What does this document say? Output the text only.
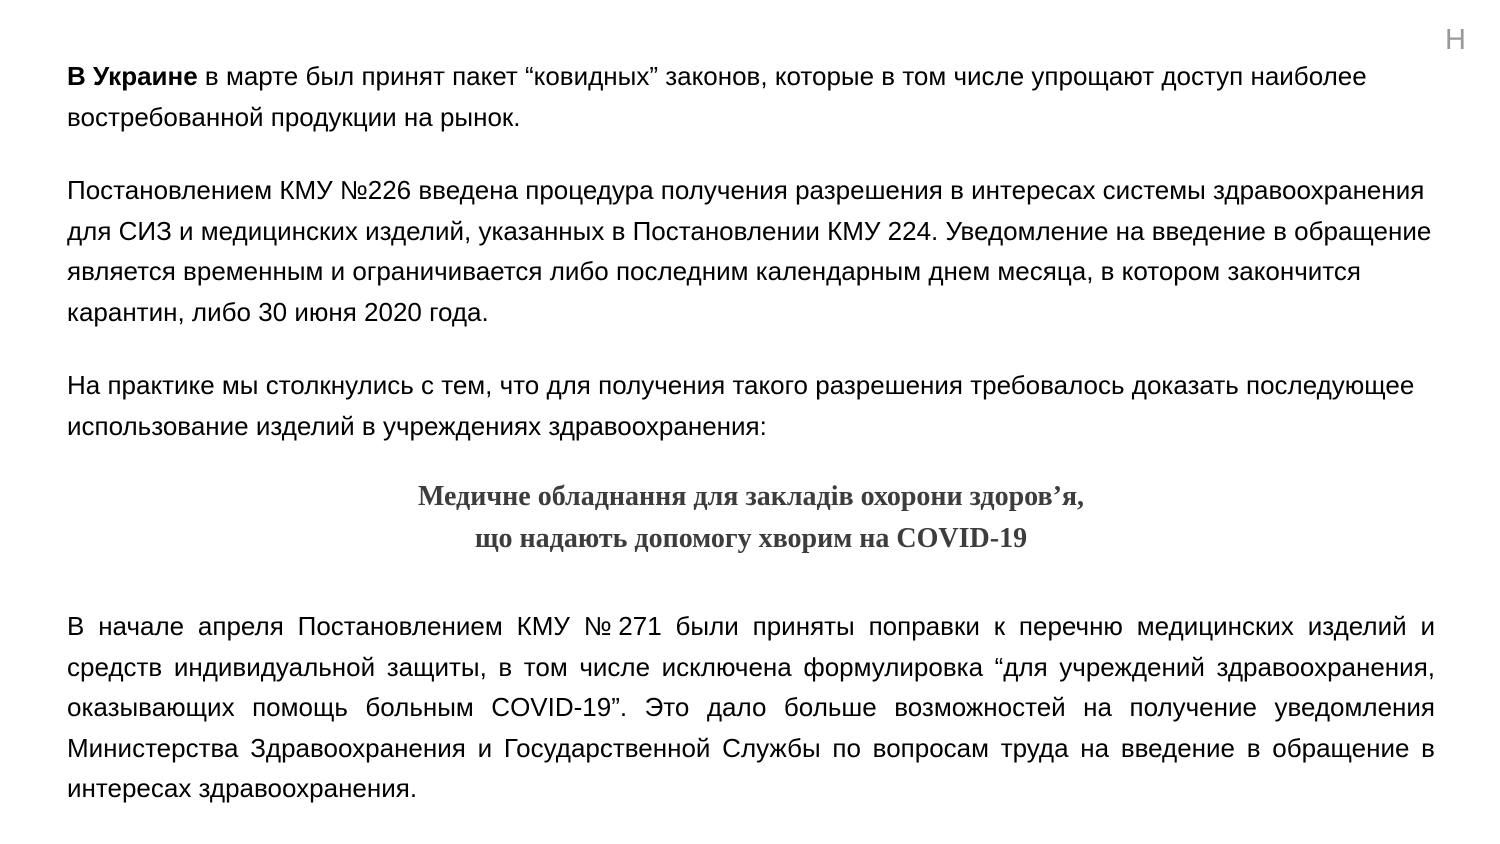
Н

В Украине в марте был принят пакет “ковидных” законов, которые в том числе упрощают доступ наиболее востребованной продукции на рынок.

Постановлением КМУ №226 введена процедура получения разрешения в интересах системы здравоохранения для СИЗ и медицинских изделий, указанных в Постановлении КМУ 224. Уведомление на введение в обращение является временным и ограничивается либо последним календарным днем месяца, в котором закончится карантин, либо 30 июня 2020 года.

На практике мы столкнулись с тем, что для получения такого разрешения требовалось доказать последующее использование изделий в учреждениях здравоохранения:

Медичне обладнання для закладів охорони здоров’я,
що надають допомогу хворим на COVID-19

В начале апреля Постановлением КМУ №271 были приняты поправки к перечню медицинских изделий и средств индивидуальной защиты, в том числе исключена формулировка “для учреждений здравоохранения, оказывающих помощь больным COVID-19”. Это дало больше возможностей на получение уведомления Министерства Здравоохранения и Государственной Службы по вопросам труда на введение в обращение в интересах здравоохранения.
